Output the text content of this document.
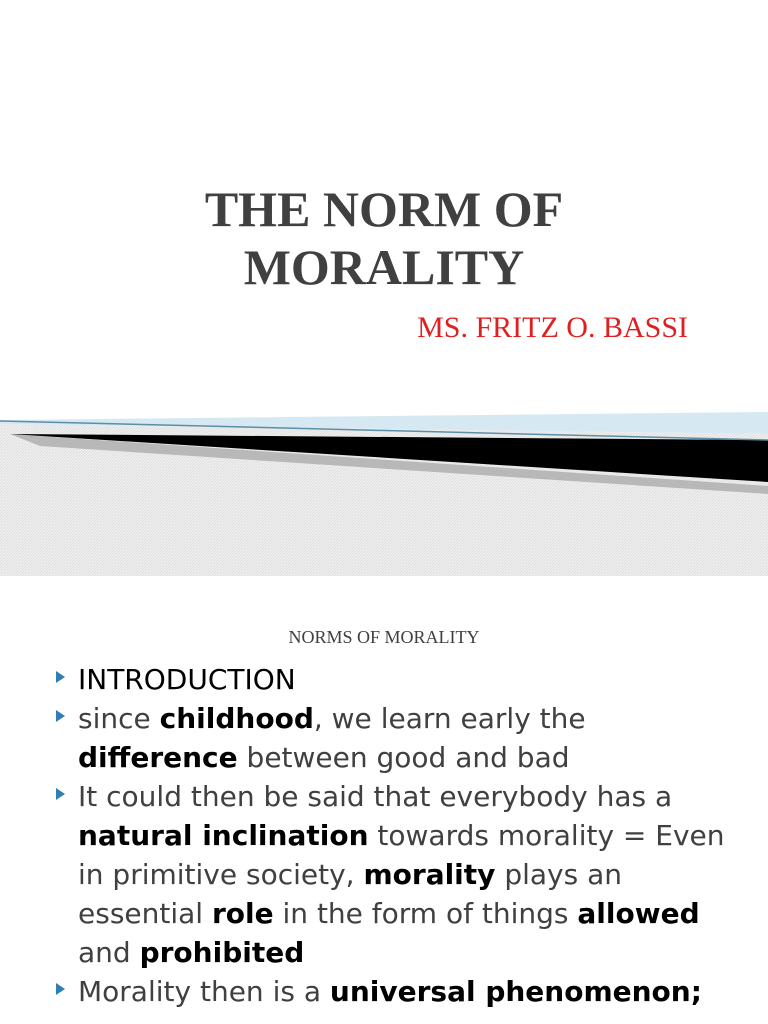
THE NORM OF
MORALITY
MS. FRITZ O. BASSI
NORMS OF MORALITY
INTRODUCTION
since childhood, we learn early the difference between good and bad
It could then be said that everybody has a natural inclination towards morality = Even in primitive society, morality plays an essential role in the form of things allowed and prohibited
Morality then is a universal phenomenon;
